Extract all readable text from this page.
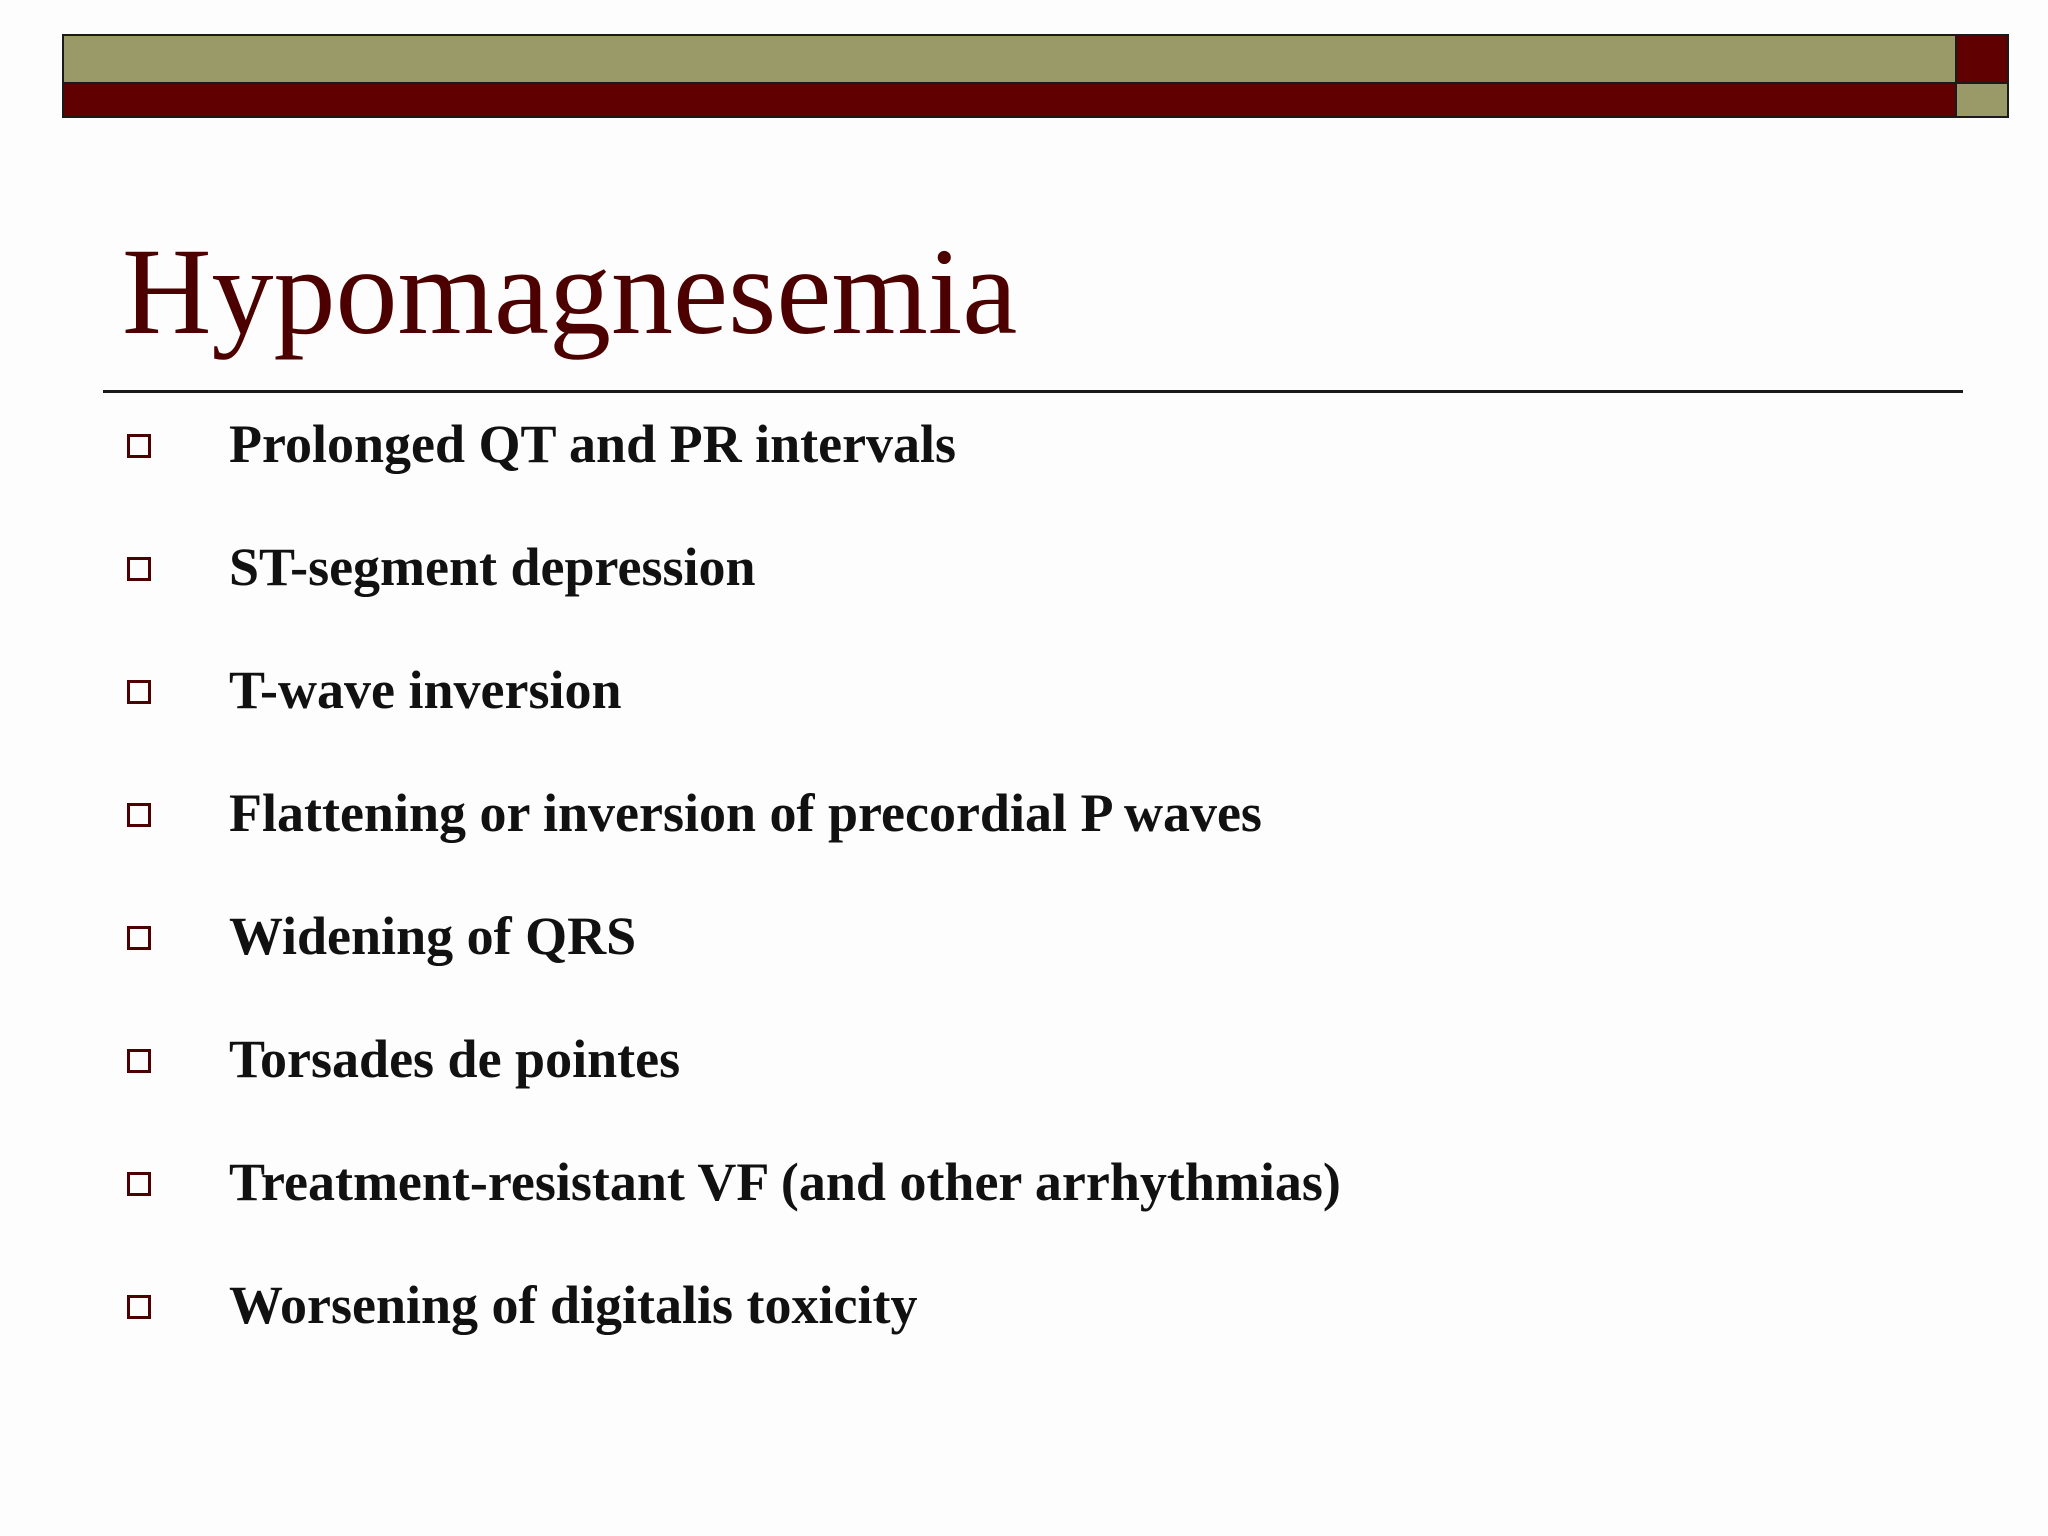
Hypomagnesemia
Prolonged QT and PR intervals
ST-segment depression
T-wave inversion
Flattening or inversion of precordial P waves
Widening of QRS
Torsades de pointes
Treatment-resistant VF (and other arrhythmias)
Worsening of digitalis toxicity
